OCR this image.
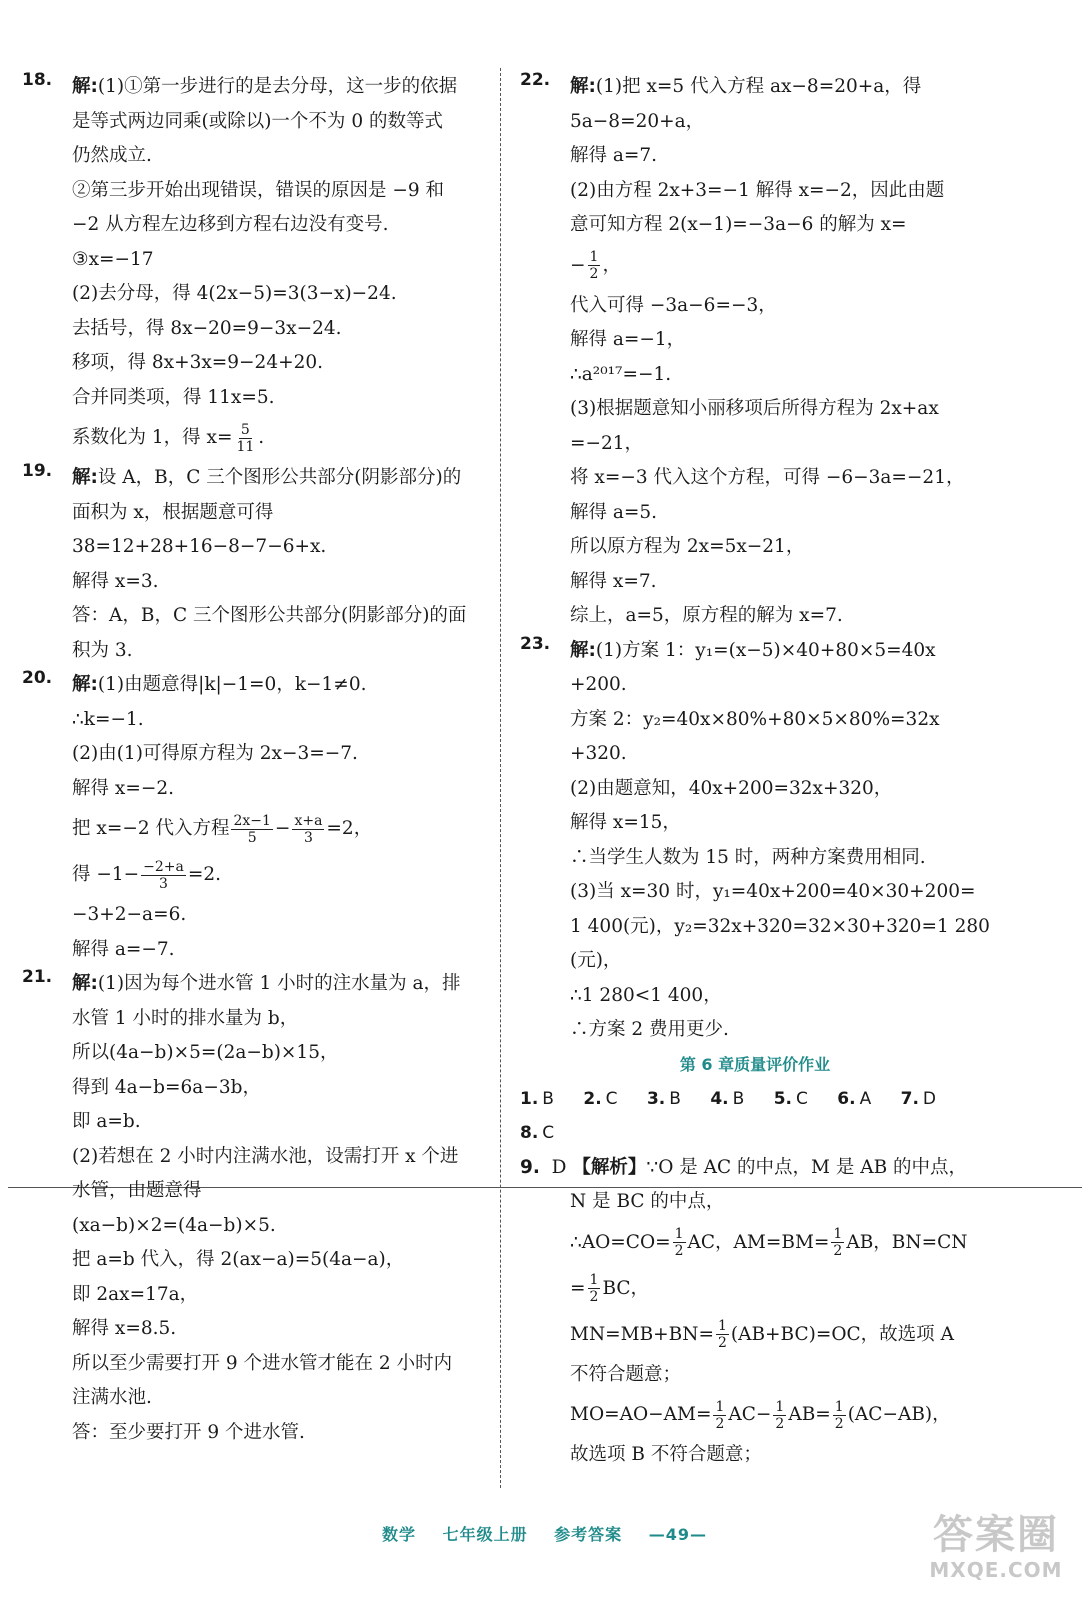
18.	解:(1)①第一步进行的是去分母，这一步的依据
是等式两边同乘(或除以)一个不为 0 的数等式
仍然成立.
②第三步开始出现错误，错误的原因是 −9 和
−2 从方程左边移到方程右边没有变号.
③x=−17
(2)去分母，得 4(2x−5)=3(3−x)−24.
去括号，得 8x−20=9−3x−24.
移项，得 8x+3x=9−24+20.
合并同类项，得 11x=5.
系数化为 1，得 $x= \frac{5}{11}$ .
19.	解:设 A，B，C 三个图形公共部分(阴影部分)的
面积为 x，根据题意可得
38=12+28+16−8−7−6+x.
解得 x=3.
答：A，B，C 三个图形公共部分(阴影部分)的面
积为 3.
20.	解:(1)由题意得|k|−1=0，k−1≠0.
∴k=−1.
(2)由(1)可得原方程为 2x−3=−7.
解得 x=−2.
把 x=−2 代入方程 $\frac{2x-1}{5} - \frac{x+a}{3} =2$，
得 $-1- \frac{-2+a}{3} =2$.
−3+2−a=6.
解得 a=−7.
21.	解:(1)因为每个进水管 1 小时的注水量为 a，排
水管 1 小时的排水量为 b，
所以(4a−b)×5=(2a−b)×15，
得到 4a−b=6a−3b，
即 a=b.
(2)若想在 2 小时内注满水池，设需打开 x 个进
水管，由题意得
(xa−b)×2=(4a−b)×5.
把 a=b 代入，得 2(ax−a)=5(4a−a)，
即 2ax=17a，
解得 x=8.5.
所以至少需要打开 9 个进水管才能在 2 小时内
注满水池.
答：至少要打开 9 个进水管.
22.	解:(1)把 x=5 代入方程 ax−8=20+a，得
5a−8=20+a，
解得 a=7.
(2)由方程 2x+3=−1 解得 x=−2，因此由题
意可知方程 2(x−1)=−3a−6 的解为 x=
− $\frac{1}{2}$ ，
代入可得 −3a−6=−3，
解得 a=−1，
∴a²⁰¹⁷=−1.
(3)根据题意知小丽移项后所得方程为 2x+ax
=−21，
将 x=−3 代入这个方程，可得 −6−3a=−21，
解得 a=5.
所以原方程为 2x=5x−21，
解得 x=7.
综上，a=5，原方程的解为 x=7.
23.	解:(1)方案 1：y₁=(x−5)×40+80×5=40x
+200.
方案 2：y₂=40x×80%+80×5×80%=32x
+320.
(2)由题意知，40x+200=32x+320，
解得 x=15，
∴当学生人数为 15 时，两种方案费用相同.
(3)当 x=30 时，y₁=40x+200=40×30+200=
1 400(元)，y₂=32x+320=32×30+320=1 280
(元)，
∴1 280<1 400，
∴方案 2 费用更少.
第 6 章质量评价作业
1. B 2. C 3. B 4. B 5. C 6. A 7. D
8. C
9. D 【解析】∵O 是 AC 的中点，M 是 AB 的中点，
N 是 BC 的中点，
∴AO=CO= $\frac{1}{2}$ AC，$AM=BM= \frac{1}{2}$ AB，BN=CN
= $\frac{1}{2}$ BC，
$MN=MB+BN= \frac{1}{2} (AB+BC)=OC$，故选项 A
不符合题意；
$MO=AO-AM= \frac{1}{2} AC- \frac{1}{2} AB= \frac{1}{2} (AC-AB)$，
故选项 B 不符合题意；
数学 七年级上册 参考答案 —49—	答案圈
MXQE.COM
